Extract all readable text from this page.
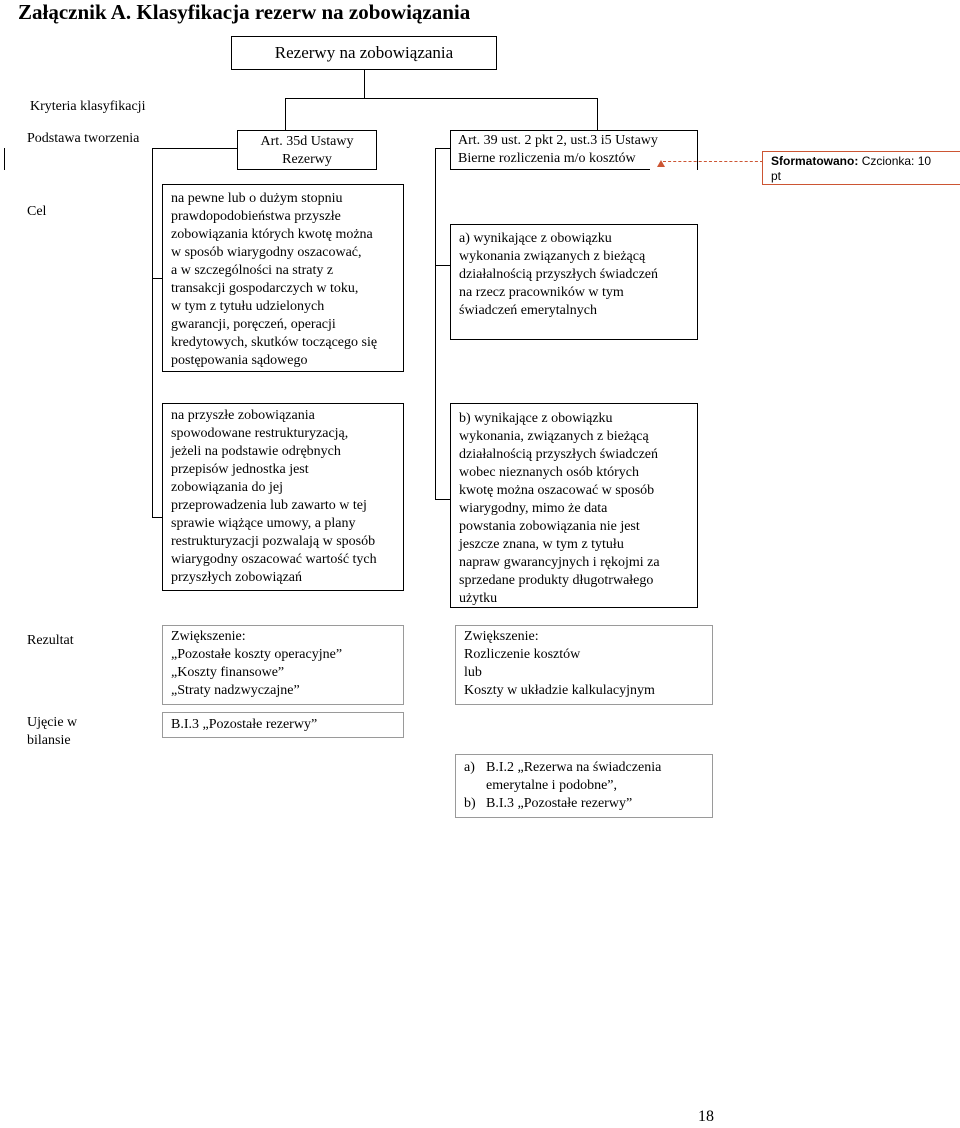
Załącznik A. Klasyfikacja rezerw na zobowiązania
Rezerwy na zobowiązania
Kryteria klasyfikacji
Podstawa tworzenia
Cel
Rezultat
Ujęcie w
bilansie
Art. 35d Ustawy
Rezerwy
na pewne lub o dużym stopniu
prawdopodobieństwa przyszłe
zobowiązania których kwotę można
w sposób wiarygodny oszacować,
a w szczególności na straty z
transakcji gospodarczych w toku,
w tym z tytułu udzielonych
gwarancji, poręczeń, operacji
kredytowych, skutków toczącego się
postępowania sądowego
na przyszłe zobowiązania
spowodowane restrukturyzacją,
jeżeli na podstawie odrębnych
przepisów jednostka jest
zobowiązania do jej
przeprowadzenia lub zawarto w tej
sprawie wiążące umowy, a plany
restrukturyzacji pozwalają w sposób
wiarygodny oszacować wartość tych
przyszłych zobowiązań
Zwiększenie:
„Pozostałe koszty operacyjne”
„Koszty finansowe”
„Straty nadzwyczajne”
B.I.3 „Pozostałe rezerwy”
Art. 39 ust. 2 pkt 2, ust.3 i5 Ustawy
Bierne rozliczenia m/o kosztów	Sformatowano: Czcionka: 10
pt
a) wynikające z obowiązku
wykonania związanych z bieżącą
działalnością przyszłych świadczeń
na rzecz pracowników w tym
świadczeń emerytalnych
b) wynikające z obowiązku
wykonania, związanych z bieżącą
działalnością przyszłych świadczeń
wobec nieznanych osób których
kwotę można oszacować w sposób
wiarygodny, mimo że data
powstania zobowiązania nie jest
jeszcze znana, w tym z tytułu
napraw gwarancyjnych i rękojmi za
sprzedane produkty długotrwałego
użytku
Zwiększenie:
Rozliczenie kosztów
lub
Koszty w układzie kalkulacyjnym
a) B.I.2 „Rezerwa na świadczenia
emerytalne i podobne”,
b) B.I.3 „Pozostałe rezerwy”
18
